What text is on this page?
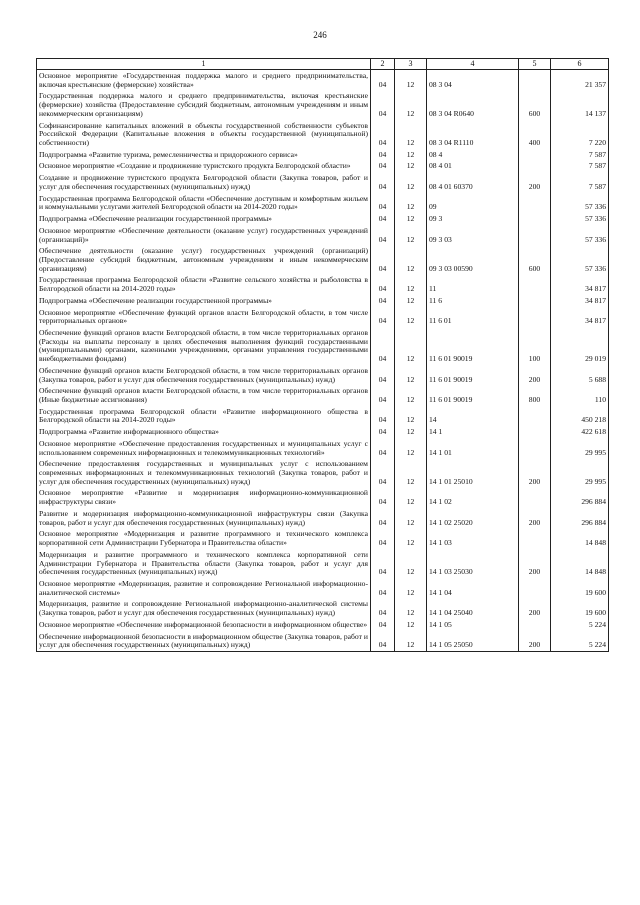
246
1	2	3	4	5	6
Основное мероприятие «Государственная поддержка малого и среднего предпринимательства, включая крестьянские (фермерские) хозяйства»	04	12	08 3 04		21 357
Государственная поддержка малого и среднего предпринимательства, включая крестьянские (фермерские) хозяйства (Предоставление субсидий бюджетным, автономным учреждениям и иным некоммерческим организациям)	04	12	08 3 04 R0640	600	14 137
Софинансирование капитальных вложений в объекты государственной собственности субъектов Российской Федерации (Капитальные вложения в объекты государственной (муниципальной) собственности)	04	12	08 3 04 R1110	400	7 220
Подпрограмма «Развитие туризма, ремесленничества и придорожного сервиса»	04	12	08 4		7 587
Основное мероприятие «Создание и продвижение туристского продукта Белгородской области»	04	12	08 4 01		7 587
Создание и продвижение туристского продукта Белгородской области (Закупка товаров, работ и услуг для обеспечения государственных (муниципальных) нужд)	04	12	08 4 01 60370	200	7 587
Государственная программа Белгородской области «Обеспечение доступным и комфортным жильем и коммунальными услугами жителей Белгородской области на 2014-2020 годы»	04	12	09		57 336
Подпрограмма «Обеспечение реализации государственной программы»	04	12	09 3		57 336
Основное мероприятие «Обеспечение деятельности (оказание услуг) государственных учреждений (организаций)»	04	12	09 3 03		57 336
Обеспечение деятельности (оказание услуг) государственных учреждений (организаций) (Предоставление субсидий бюджетным, автономным учреждениям и иным некоммерческим организациям)	04	12	09 3 03 00590	600	57 336
Государственная программа Белгородской области «Развитие сельского хозяйства и рыболовства в Белгородской области на 2014-2020 годы»	04	12	11		34 817
Подпрограмма «Обеспечение реализации государственной программы»	04	12	11 6		34 817
Основное мероприятие «Обеспечение функций органов власти Белгородской области, в том числе территориальных органов»	04	12	11 6 01		34 817
Обеспечение функций органов власти Белгородской области, в том числе территориальных органов (Расходы на выплаты персоналу в целях обеспечения выполнения функций государственными (муниципальными) органами, казенными учреждениями, органами управления государственными внебюджетными фондами)	04	12	11 6 01 90019	100	29 019
Обеспечение функций органов власти Белгородской области, в том числе территориальных органов (Закупка товаров, работ и услуг для обеспечения государственных (муниципальных) нужд)	04	12	11 6 01 90019	200	5 688
Обеспечение функций органов власти Белгородской области, в том числе территориальных органов (Иные бюджетные ассигнования)	04	12	11 6 01 90019	800	110
Государственная программа Белгородской области «Развитие информационного общества в Белгородской области на 2014-2020 годы»	04	12	14		450 218
Подпрограмма «Развитие информационного общества»	04	12	14 1		422 618
Основное мероприятие «Обеспечение предоставления государственных и муниципальных услуг с использованием современных информационных и телекоммуникационных технологий»	04	12	14 1 01		29 995
Обеспечение предоставления государственных и муниципальных услуг с использованием современных информационных и телекоммуникационных технологий (Закупка товаров, работ и услуг для обеспечения государственных (муниципальных) нужд)	04	12	14 1 01 25010	200	29 995
Основное мероприятие «Развитие и модернизация информационно-коммуникационной инфраструктуры связи»	04	12	14 1 02		296 884
Развитие и модернизация информационно-коммуникационной инфраструктуры связи (Закупка товаров, работ и услуг для обеспечения государственных (муниципальных) нужд)	04	12	14 1 02 25020	200	296 884
Основное мероприятие «Модернизация и развитие программного и технического комплекса корпоративной сети Администрации Губернатора и Правительства области»	04	12	14 1 03		14 848
Модернизация и развитие программного и технического комплекса корпоративной сети Администрации Губернатора и Правительства области (Закупка товаров, работ и услуг для обеспечения государственных (муниципальных) нужд)	04	12	14 1 03 25030	200	14 848
Основное мероприятие «Модернизация, развитие и сопровождение Региональной информационно-аналитической системы»	04	12	14 1 04		19 600
Модернизация, развитие и сопровождение Региональной информационно-аналитической системы (Закупка товаров, работ и услуг для обеспечения государственных (муниципальных) нужд)	04	12	14 1 04 25040	200	19 600
Основное мероприятие «Обеспечение информационной безопасности в информационном обществе»	04	12	14 1 05		5 224
Обеспечение информационной безопасности в информационном обществе (Закупка товаров, работ и услуг для обеспечения государственных (муниципальных) нужд)	04	12	14 1 05 25050	200	5 224
